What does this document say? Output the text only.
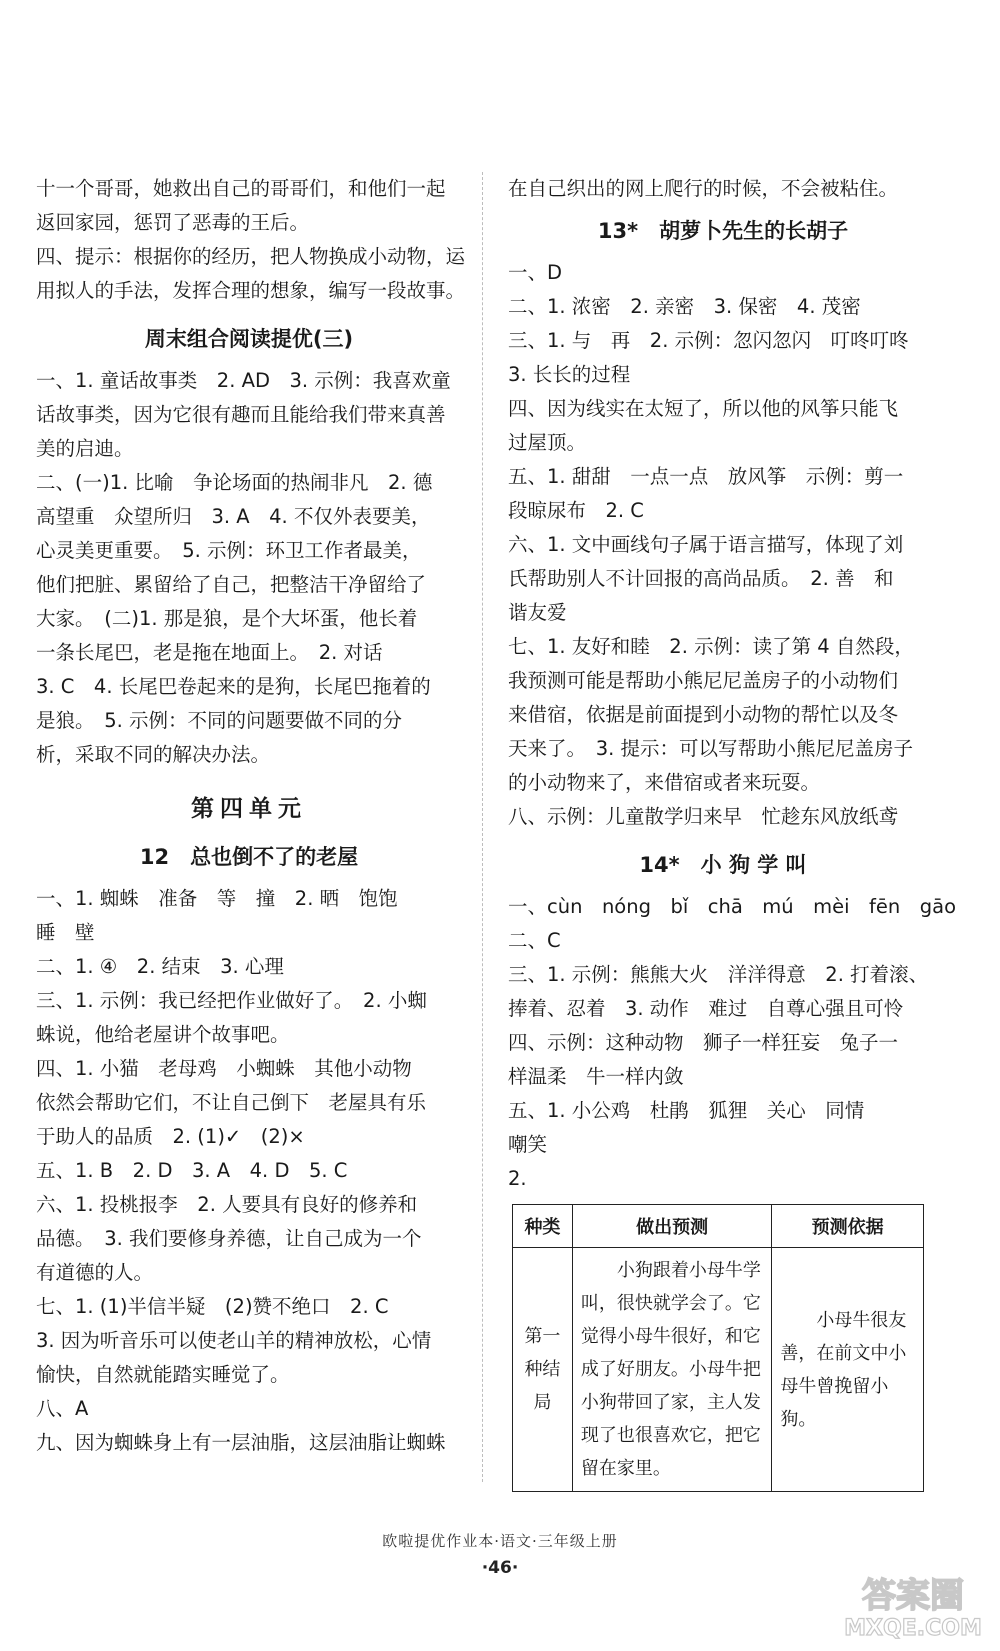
十一个哥哥，她救出自己的哥哥们，和他们一起
返回家园，惩罚了恶毒的王后。
四、提示：根据你的经历，把人物换成小动物，运
用拟人的手法，发挥合理的想象，编写一段故事。
周末组合阅读提优(三)
一、1. 童话故事类　2. AD　3. 示例：我喜欢童
话故事类，因为它很有趣而且能给我们带来真善
美的启迪。
二、(一)1. 比喻　争论场面的热闹非凡　2. 德
高望重　众望所归　3. A　4. 不仅外表要美，
心灵美更重要。　5. 示例：环卫工作者最美，
他们把脏、累留给了自己，把整洁干净留给了
大家。　(二)1. 那是狼，是个大坏蛋，他长着
一条长尾巴，老是拖在地面上。　2. 对话
3. C　4. 长尾巴卷起来的是狗，长尾巴拖着的
是狼。　5. 示例：不同的问题要做不同的分
析，采取不同的解决办法。
第四单元
12　总也倒不了的老屋
一、1. 蜘蛛　准备　等　撞　2. 晒　饱饱
睡　壁
二、1. ④　2. 结束　3. 心理
三、1. 示例：我已经把作业做好了。　2. 小蜘
蛛说，他给老屋讲个故事吧。
四、1. 小猫　老母鸡　小蜘蛛　其他小动物
依然会帮助它们，不让自己倒下　老屋具有乐
于助人的品质　2. (1)✓　(2)×
五、1. B　2. D　3. A　4. D　5. C
六、1. 投桃报李　2. 人要具有良好的修养和
品德。　3. 我们要修身养德，让自己成为一个
有道德的人。
七、1. (1)半信半疑　(2)赞不绝口　2. C
3. 因为听音乐可以使老山羊的精神放松，心情
愉快，自然就能踏实睡觉了。
八、A
九、因为蜘蛛身上有一层油脂，这层油脂让蜘蛛
在自己织出的网上爬行的时候，不会被粘住。
13*　胡萝卜先生的长胡子
一、D
二、1. 浓密　2. 亲密　3. 保密　4. 茂密
三、1. 与　再　2. 示例：忽闪忽闪　叮咚叮咚
3. 长长的过程
四、因为线实在太短了，所以他的风筝只能飞
过屋顶。
五、1. 甜甜　一点一点　放风筝　示例：剪一
段晾尿布　2. C
六、1. 文中画线句子属于语言描写，体现了刘
氏帮助别人不计回报的高尚品质。　2. 善　和
谐友爱
七、1. 友好和睦　2. 示例：读了第 4 自然段，
我预测可能是帮助小熊尼尼盖房子的小动物们
来借宿，依据是前面提到小动物的帮忙以及冬
天来了。　3. 提示：可以写帮助小熊尼尼盖房子
的小动物来了，来借宿或者来玩耍。
八、示例：儿童散学归来早　忙趁东风放纸鸢
14*　小 狗 学 叫
一、cùn　nóng　bǐ　chā　mú　mèi　fēn　gāo
二、C
三、1. 示例：熊熊大火　洋洋得意　2. 打着滚、
捧着、忍着　3. 动作　难过　自尊心强且可怜
四、示例：这种动物　狮子一样狂妄　兔子一
样温柔　牛一样内敛
五、1. 小公鸡　杜鹃　狐狸　关心　同情
嘲笑
2.
种类	做出预测	预测依据
第一种结局	小狗跟着小母牛学叫，很快就学会了。它觉得小母牛很好，和它成了好朋友。小母牛把小狗带回了家，主人发现了也很喜欢它，把它留在家里。	小母牛很友善，在前文中小母牛曾挽留小狗。
欧啦提优作业本·语文·三年级上册
·46·
答案圈
MXQE.COM
